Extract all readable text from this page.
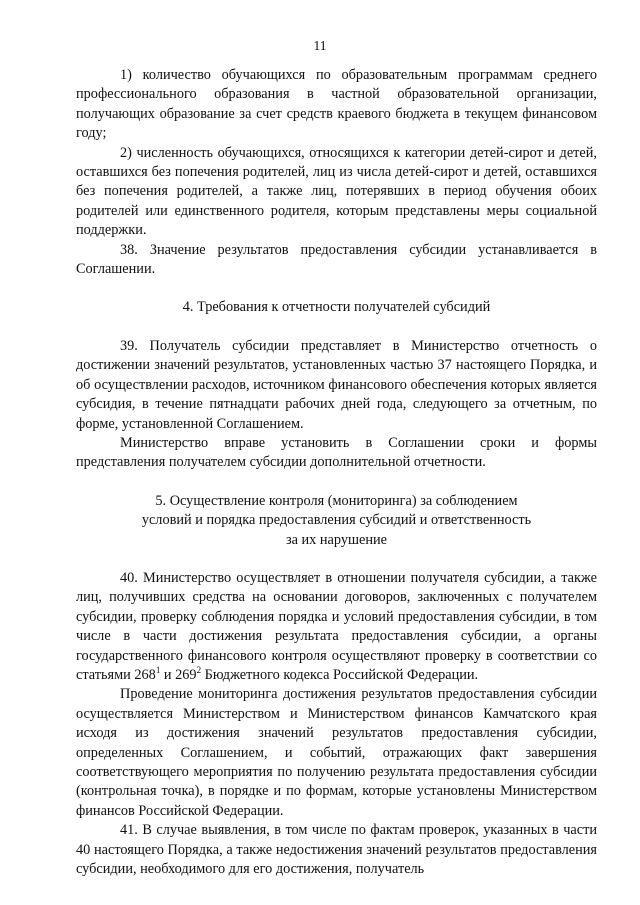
11

1) количество обучающихся по образовательным программам среднего профессионального образования в частной образовательной организации, получающих образование за счет средств краевого бюджета в текущем финансовом году;

2) численность обучающихся, относящихся к категории детей-сирот и детей, оставшихся без попечения родителей, лиц из числа детей-сирот и детей, оставшихся без попечения родителей, а также лиц, потерявших в период обучения обоих родителей или единственного родителя, которым представлены меры социальной поддержки.

38. Значение результатов предоставления субсидии устанавливается в Соглашении.

4. Требования к отчетности получателей субсидий

39. Получатель субсидии представляет в Министерство отчетность о достижении значений результатов, установленных частью 37 настоящего Порядка, и об осуществлении расходов, источником финансового обеспечения которых является субсидия, в течение пятнадцати рабочих дней года, следующего за отчетным, по форме, установленной Соглашением.

Министерство вправе установить в Соглашении сроки и формы представления получателем субсидии дополнительной отчетности.

5. Осуществление контроля (мониторинга) за соблюдением

условий и порядка предоставления субсидий и ответственность

за их нарушение

40. Министерство осуществляет в отношении получателя субсидии, а также лиц, получивших средства на основании договоров, заключенных с получателем субсидии, проверку соблюдения порядка и условий предоставления субсидии, в том числе в части достижения результата предоставления субсидии, а органы государственного финансового контроля осуществляют проверку в соответствии со статьями $268^1$ и $269^2$ Бюджетного кодекса Российской Федерации.

Проведение мониторинга достижения результатов предоставления субсидии осуществляется Министерством и Министерством финансов Камчатского края исходя из достижения значений результатов предоставления субсидии, определенных Соглашением, и событий, отражающих факт завершения соответствующего мероприятия по получению результата предоставления субсидии (контрольная точка), в порядке и по формам, которые установлены Министерством финансов Российской Федерации.

41. В случае выявления, в том числе по фактам проверок, указанных в части 40 настоящего Порядка, а также недостижения значений результатов предоставления субсидии, необходимого для его достижения, получатель
